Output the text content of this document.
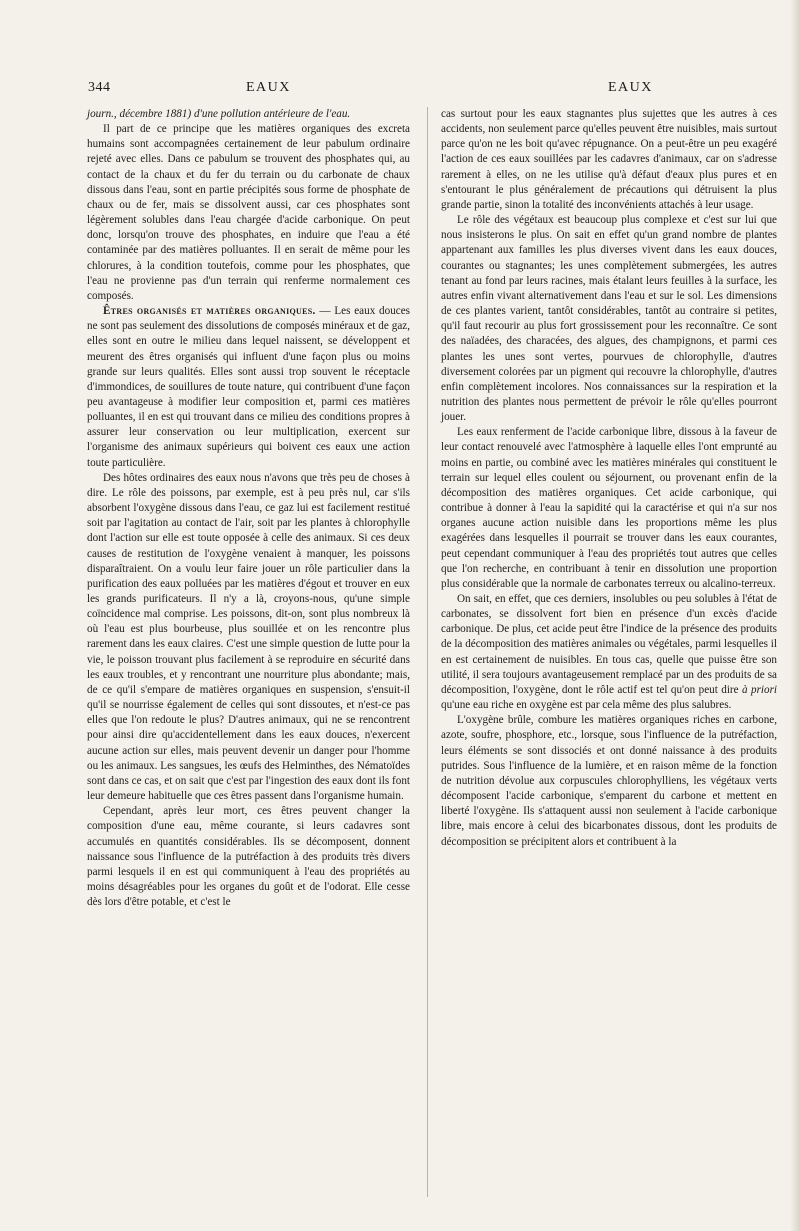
344	EAUX	EAUX

journ., décembre 1881) d'une pollution antérieure de l'eau.

Il part de ce principe que les matières organiques des excreta humains sont accompagnées certainement de leur pabulum ordinaire rejeté avec elles. Dans ce pabulum se trouvent des phosphates qui, au contact de la chaux et du fer du terrain ou du carbonate de chaux dissous dans l'eau, sont en partie précipités sous forme de phosphate de chaux ou de fer, mais se dissolvent aussi, car ces phosphates sont légèrement solubles dans l'eau chargée d'acide carbonique. On peut donc, lorsqu'on trouve des phosphates, en induire que l'eau a été contaminée par des matières polluantes. Il en serait de même pour les chlorures, à la condition toutefois, comme pour les phosphates, que l'eau ne provienne pas d'un terrain qui renferme normalement ces composés.

Êtres organisés et matières organiques. — Les eaux douces ne sont pas seulement des dissolutions de composés minéraux et de gaz, elles sont en outre le milieu dans lequel naissent, se développent et meurent des êtres organisés qui influent d'une façon plus ou moins grande sur leurs qualités. Elles sont aussi trop souvent le réceptacle d'immondices, de souillures de toute nature, qui contribuent d'une façon peu avantageuse à modifier leur composition et, parmi ces matières polluantes, il en est qui trouvant dans ce milieu des conditions propres à assurer leur conservation ou leur multiplication, exercent sur l'organisme des animaux supérieurs qui boivent ces eaux une action toute particulière.

Des hôtes ordinaires des eaux nous n'avons que très peu de choses à dire. Le rôle des poissons, par exemple, est à peu près nul, car s'ils absorbent l'oxygène dissous dans l'eau, ce gaz lui est facilement restitué soit par l'agitation au contact de l'air, soit par les plantes à chlorophylle dont l'action sur elle est toute opposée à celle des animaux. Si ces deux causes de restitution de l'oxygène venaient à manquer, les poissons disparaîtraient. On a voulu leur faire jouer un rôle particulier dans la purification des eaux polluées par les matières d'égout et trouver en eux les grands purificateurs. Il n'y a là, croyons-nous, qu'une simple coïncidence mal comprise. Les poissons, dit-on, sont plus nombreux là où l'eau est plus bourbeuse, plus souillée et on les rencontre plus rarement dans les eaux claires. C'est une simple question de lutte pour la vie, le poisson trouvant plus facilement à se reproduire en sécurité dans les eaux troubles, et y rencontrant une nourriture plus abondante; mais, de ce qu'il s'empare de matières organiques en suspension, s'ensuit-il qu'il se nourrisse également de celles qui sont dissoutes, et n'est-ce pas elles que l'on redoute le plus? D'autres animaux, qui ne se rencontrent pour ainsi dire qu'accidentellement dans les eaux douces, n'exercent aucune action sur elles, mais peuvent devenir un danger pour l'homme ou les animaux. Les sangsues, les œufs des Helminthes, des Nématoïdes sont dans ce cas, et on sait que c'est par l'ingestion des eaux dont ils font leur demeure habituelle que ces êtres passent dans l'organisme humain.

Cependant, après leur mort, ces êtres peuvent changer la composition d'une eau, même courante, si leurs cadavres sont accumulés en quantités considérables. Ils se décomposent, donnent naissance sous l'influence de la putréfaction à des produits très divers parmi lesquels il en est qui communiquent à l'eau des propriétés au moins désagréables pour les organes du goût et de l'odorat. Elle cesse dès lors d'être potable, et c'est le

cas surtout pour les eaux stagnantes plus sujettes que les autres à ces accidents, non seulement parce qu'elles peuvent être nuisibles, mais surtout parce qu'on ne les boit qu'avec répugnance. On a peut-être un peu exagéré l'action de ces eaux souillées par les cadavres d'animaux, car on s'adresse rarement à elles, on ne les utilise qu'à défaut d'eaux plus pures et en s'entourant le plus généralement de précautions qui détruisent la plus grande partie, sinon la totalité des inconvénients attachés à leur usage.

Le rôle des végétaux est beaucoup plus complexe et c'est sur lui que nous insisterons le plus. On sait en effet qu'un grand nombre de plantes appartenant aux familles les plus diverses vivent dans les eaux douces, courantes ou stagnantes; les unes complètement submergées, les autres tenant au fond par leurs racines, mais étalant leurs feuilles à la surface, les autres enfin vivant alternativement dans l'eau et sur le sol. Les dimensions de ces plantes varient, tantôt considérables, tantôt au contraire si petites, qu'il faut recourir au plus fort grossissement pour les reconnaître. Ce sont des naïadées, des characées, des algues, des champignons, et parmi ces plantes les unes sont vertes, pourvues de chlorophylle, d'autres diversement colorées par un pigment qui recouvre la chlorophylle, d'autres enfin complètement incolores. Nos connaissances sur la respiration et la nutrition des plantes nous permettent de prévoir le rôle qu'elles pourront jouer.

Les eaux renferment de l'acide carbonique libre, dissous à la faveur de leur contact renouvelé avec l'atmosphère à laquelle elles l'ont emprunté au moins en partie, ou combiné avec les matières minérales qui constituent le terrain sur lequel elles coulent ou séjournent, ou provenant enfin de la décomposition des matières organiques. Cet acide carbonique, qui contribue à donner à l'eau la sapidité qui la caractérise et qui n'a sur nos organes aucune action nuisible dans les proportions même les plus exagérées dans lesquelles il pourrait se trouver dans les eaux courantes, peut cependant communiquer à l'eau des propriétés tout autres que celles que l'on recherche, en contribuant à tenir en dissolution une proportion plus considérable que la normale de carbonates terreux ou alcalino-terreux.

On sait, en effet, que ces derniers, insolubles ou peu solubles à l'état de carbonates, se dissolvent fort bien en présence d'un excès d'acide carbonique. De plus, cet acide peut être l'indice de la présence des produits de la décomposition des matières animales ou végétales, parmi lesquelles il en est certainement de nuisibles. En tous cas, quelle que puisse être son utilité, il sera toujours avantageusement remplacé par un des produits de sa décomposition, l'oxygène, dont le rôle actif est tel qu'on peut dire à priori qu'une eau riche en oxygène est par cela même des plus salubres.

L'oxygène brûle, combure les matières organiques riches en carbone, azote, soufre, phosphore, etc., lorsque, sous l'influence de la putréfaction, leurs éléments se sont dissociés et ont donné naissance à des produits putrides. Sous l'influence de la lumière, et en raison même de la fonction de nutrition dévolue aux corpuscules chlorophylliens, les végétaux verts décomposent l'acide carbonique, s'emparent du carbone et mettent en liberté l'oxygène. Ils s'attaquent aussi non seulement à l'acide carbonique libre, mais encore à celui des bicarbonates dissous, dont les produits de décomposition se précipitent alors et contribuent à la
